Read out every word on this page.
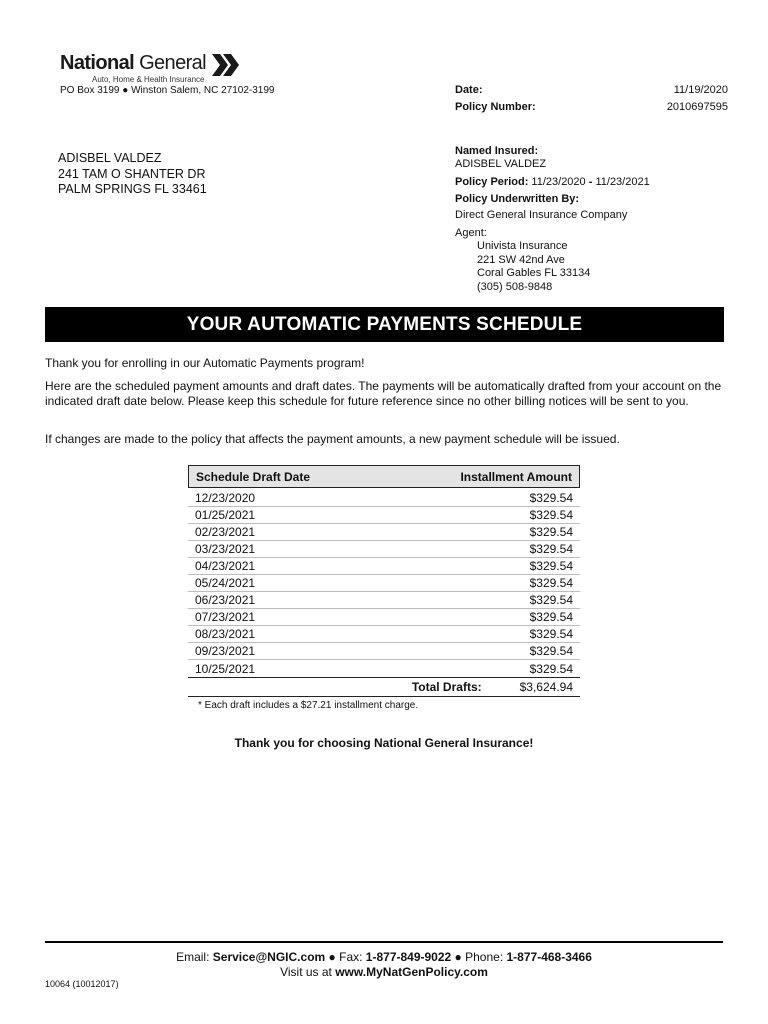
National General
Auto, Home & Health Insurance
PO Box 3199 ● Winston Salem, NC 27102-3199	Date:	11/19/2020
Policy Number:	2010697595
Named Insured:
ADISBEL VALDEZ
Policy Period: 11/23/2020 - 11/23/2021
Policy Underwritten By:
Direct General Insurance Company
Agent:
Univista Insurance
221 SW 42nd Ave
Coral Gables FL 33134
(305) 508-9848
ADISBEL VALDEZ
241 TAM O SHANTER DR
PALM SPRINGS FL 33461
YOUR AUTOMATIC PAYMENTS SCHEDULE
Thank you for enrolling in our Automatic Payments program!
Here are the scheduled payment amounts and draft dates. The payments will be automatically drafted from your account on the indicated draft date below. Please keep this schedule for future reference since no other billing notices will be sent to you.
If changes are made to the policy that affects the payment amounts, a new payment schedule will be issued.
Schedule Draft Date	Installment Amount
12/23/2020	$329.54
01/25/2021	$329.54
02/23/2021	$329.54
03/23/2021	$329.54
04/23/2021	$329.54
05/24/2021	$329.54
06/23/2021	$329.54
07/23/2021	$329.54
08/23/2021	$329.54
09/23/2021	$329.54
10/25/2021	$329.54
Total Drafts:	$3,624.94
* Each draft includes a $27.21 installment charge.
Thank you for choosing National General Insurance!
Email: Service@NGIC.com ● Fax: 1-877-849-9022 ● Phone: 1-877-468-3466
Visit us at www.MyNatGenPolicy.com
10064 (10012017)
